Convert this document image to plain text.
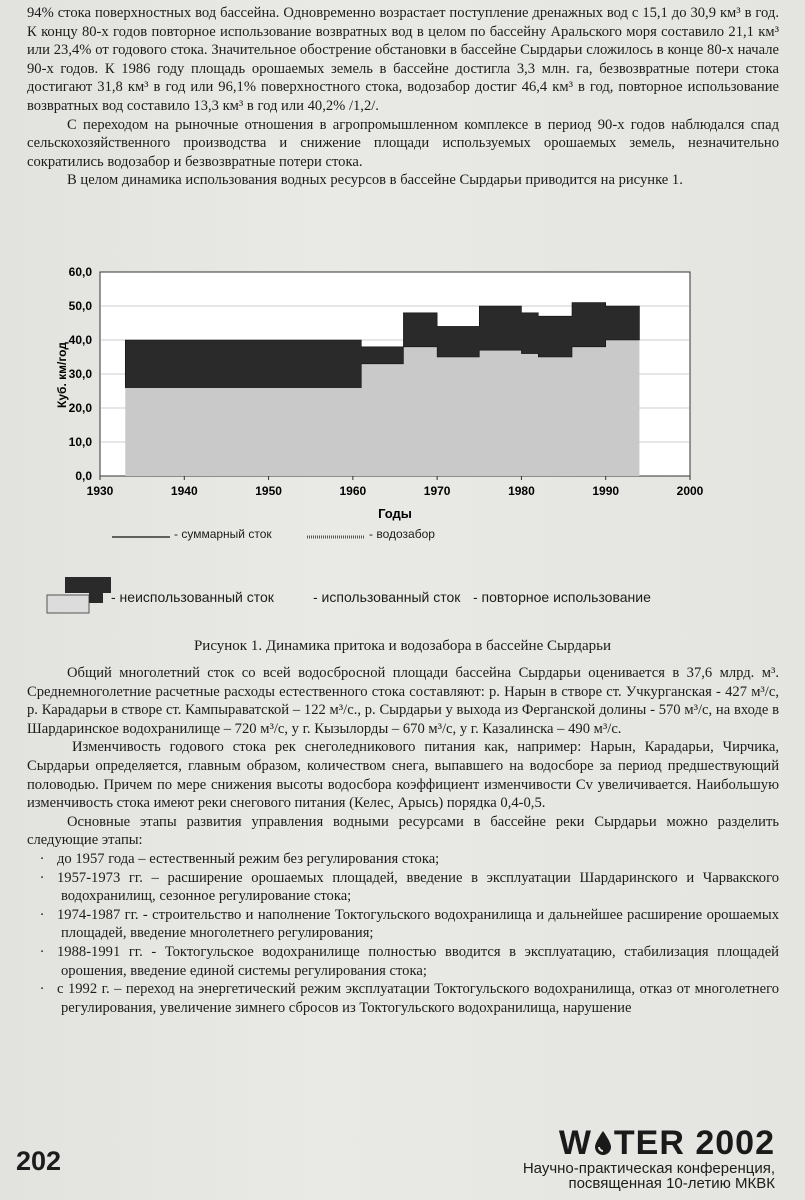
94% стока поверхностных вод бассейна. Одновременно возрастает поступление дренажных вод с 15,1 до 30,9 км³ в год. К концу 80-х годов повторное использование возвратных вод в целом по бассейну Аральского моря составило 21,1 км³ или 23,4% от годового стока. Значительное обострение обстановки в бассейне Сырдарьи сложилось в конце 80-х начале 90-х годов. К 1986 году площадь орошаемых земель в бассейне достигла 3,3 млн. га, безвозвратные потери стока достигают 31,8 км³ в год или 96,1% поверхностного стока, водозабор достиг 46,4 км³ в год, повторное использование возвратных вод составило 13,3 км³ в год или 40,2% /1,2/.

С переходом на рыночные отношения в агропромышленном комплексе в период 90-х годов наблюдался спад сельскохозяйственного производства и снижение площади используемых орошаемых земель, незначительно сократились водозабор и безвозвратные потери стока.

В целом динамика использования водных ресурсов в бассейне Сырдарьи приводится на рисунке 1.

0,0
10,0
20,0
30,0
40,0
50,0
60,0
1930	1940	1950	1960	1970	1980	1990	2000
Куб. км/год
Годы
- суммарный сток	- водозабор
- неиспользованный сток	- использованный сток - повторное использование
Рисунок 1. Динамика притока и водозабора в бассейне Сырдарьи

Общий многолетний сток со всей водосбросной площади бассейна Сырдарьи оценивается в 37,6 млрд. м³. Среднемноголетние расчетные расходы естественного стока составляют: р. Нарын в створе ст. Учкурганская - 427 м³/с, р. Карадарьи в створе ст. Кампыраватской – 122 м³/с., р. Сырдарьи у выхода из Ферганской долины - 570 м³/с, на входе в Шардаринское водохранилище – 720 м³/с, у г. Кызылорды – 670 м³/с, у г. Казалинска – 490 м³/с.

Изменчивость годового стока рек снеголедникового питания как, например: Нарын, Карадарьи, Чирчика, Сырдарьи определяется, главным образом, количеством снега, выпавшего на водосборе за период предшествующий половодью. Причем по мере снижения высоты водосбора коэффициент изменчивости Cv увеличивается. Наибольшую изменчивость стока имеют реки снегового питания (Келес, Арысь) порядка 0,4-0,5.

Основные этапы развития управления водными ресурсами в бассейне реки Сырдарьи можно разделить следующие этапы:

· до 1957 года – естественный режим без регулирования стока;

· 1957-1973 гг. – расширение орошаемых площадей, введение в эксплуатации Шардаринского и Чарвакского водохранилищ, сезонное регулирование стока;

· 1974-1987 гг. - строительство и наполнение Токтогульского водохранилища и дальнейшее расширение орошаемых площадей, введение многолетнего регулирования;

· 1988-1991 гг. - Токтогульское водохранилище полностью вводится в эксплуатацию, стабилизация площадей орошения, введение единой системы регулирования стока;

· с 1992 г. – переход на энергетический режим эксплуатации Токтогульского водохранилища, отказ от многолетнего регулирования, увеличение зимнего сбросов из Токтогульского водохранилища, нарушение

202	W TER 2002
Научно-практическая конференция,
посвященная 10-летию МКВК
